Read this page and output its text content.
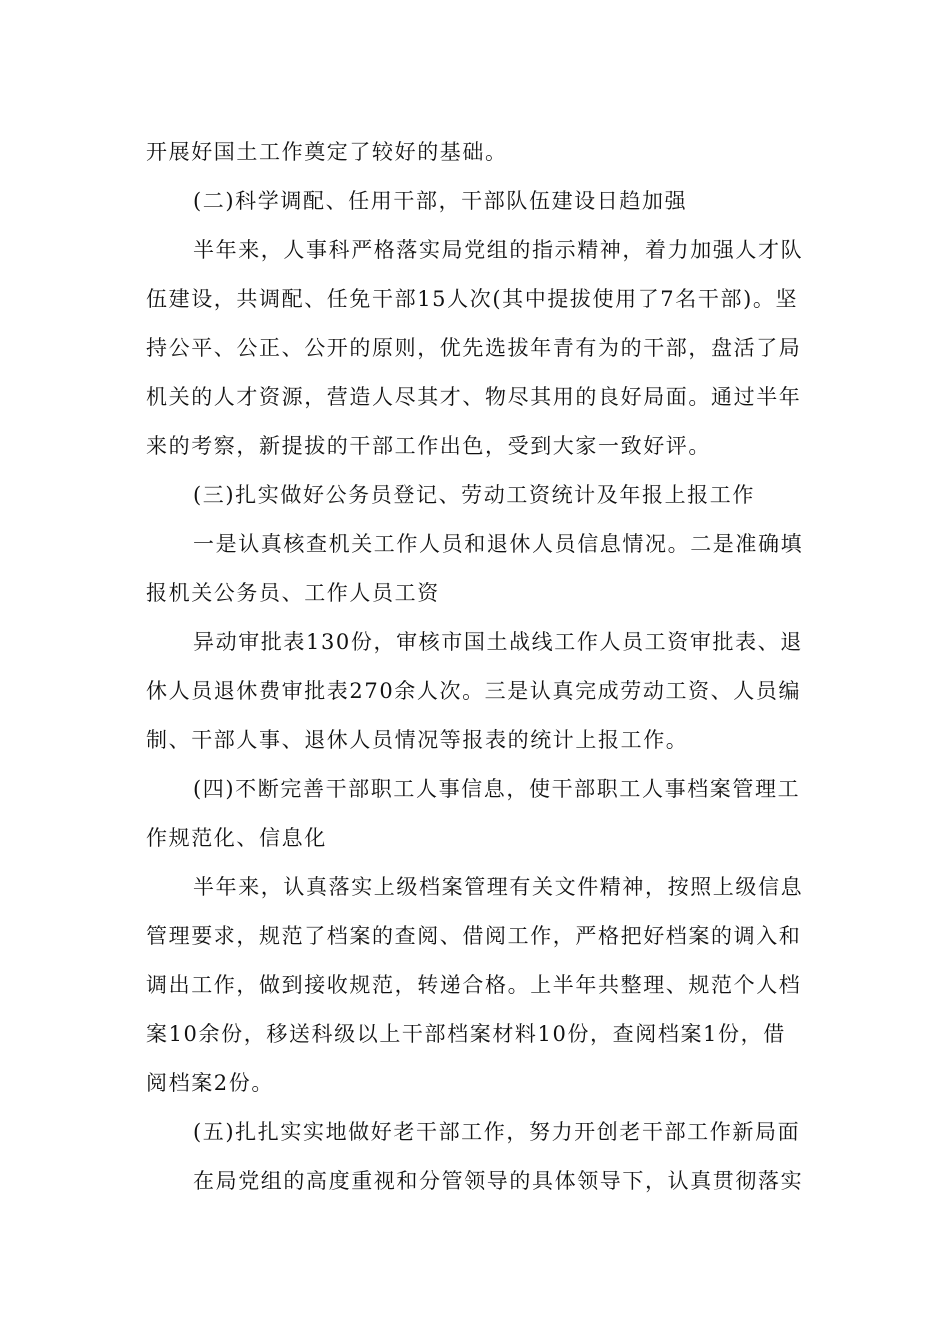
开展好国土工作奠定了较好的基础。
(二)科学调配、任用干部，干部队伍建设日趋加强
半年来，人事科严格落实局党组的指示精神，着力加强人才队
伍建设，共调配、任免干部15人次(其中提拔使用了7名干部)。坚
持公平、公正、公开的原则，优先选拔年青有为的干部，盘活了局
机关的人才资源，营造人尽其才、物尽其用的良好局面。通过半年
来的考察，新提拔的干部工作出色，受到大家一致好评。
(三)扎实做好公务员登记、劳动工资统计及年报上报工作
一是认真核查机关工作人员和退休人员信息情况。二是准确填
报机关公务员、工作人员工资
异动审批表130份，审核市国土战线工作人员工资审批表、退
休人员退休费审批表270余人次。三是认真完成劳动工资、人员编
制、干部人事、退休人员情况等报表的统计上报工作。
(四)不断完善干部职工人事信息，使干部职工人事档案管理工
作规范化、信息化
半年来，认真落实上级档案管理有关文件精神，按照上级信息
管理要求，规范了档案的查阅、借阅工作，严格把好档案的调入和
调出工作，做到接收规范，转递合格。上半年共整理、规范个人档
案10余份，移送科级以上干部档案材料10份，查阅档案1份，借
阅档案2份。
(五)扎扎实实地做好老干部工作，努力开创老干部工作新局面
在局党组的高度重视和分管领导的具体领导下，认真贯彻落实
